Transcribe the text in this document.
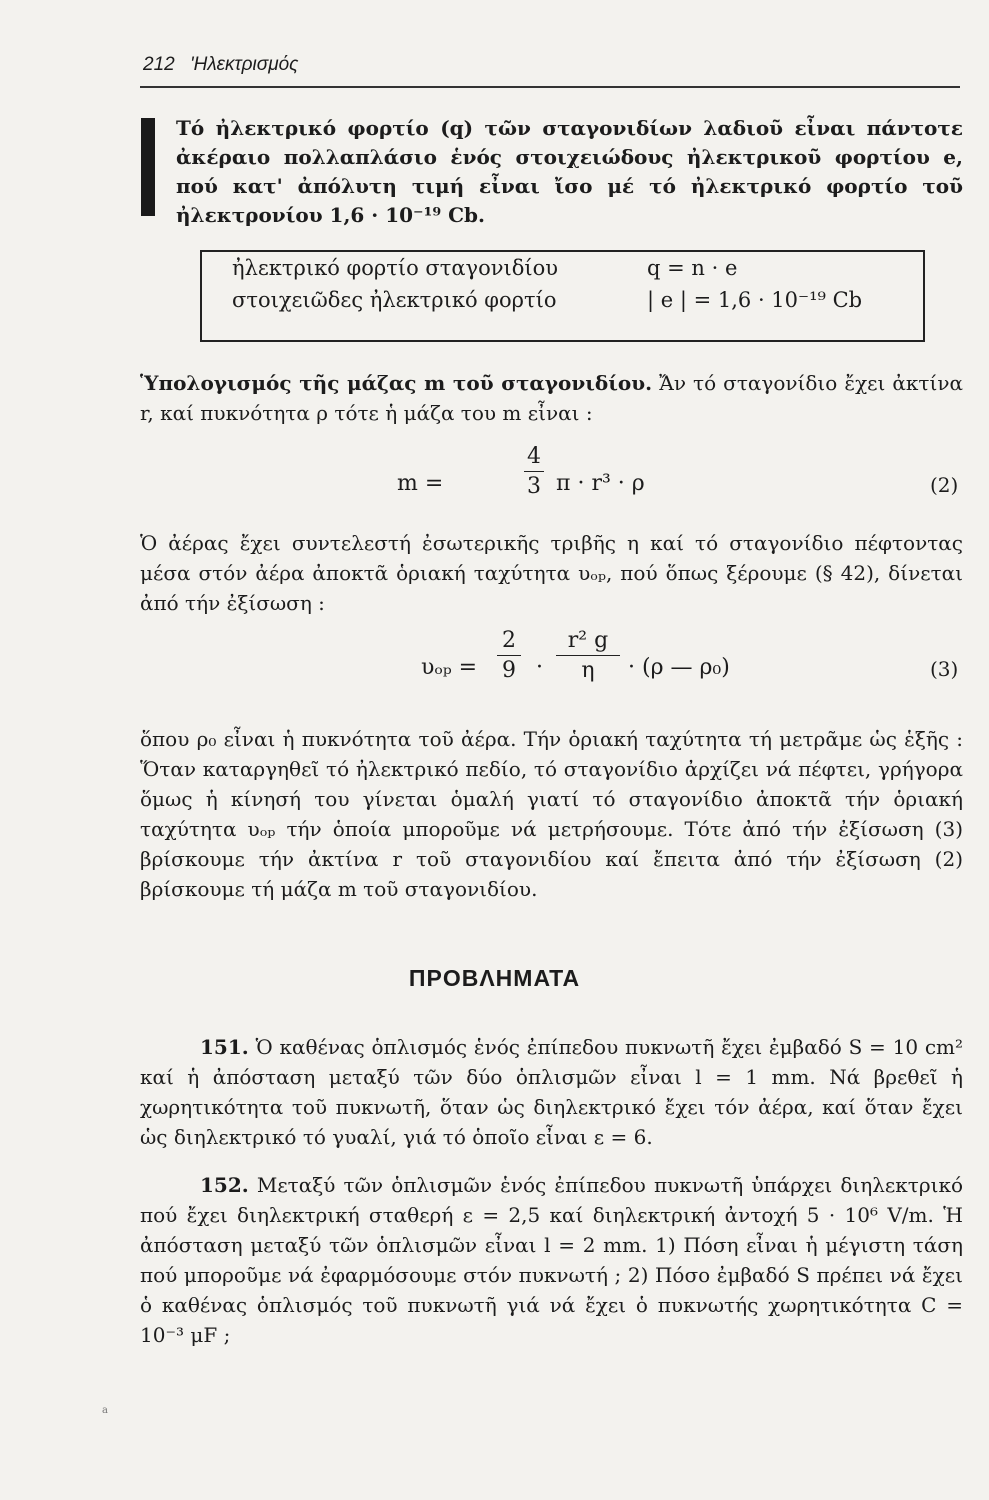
212 'Ηλεκτρισμός

Τό ἠλεκτρικό φορτίο (q) τῶν σταγονιδίων λαδιοῦ εἶναι πάντοτε ἀκέραιο πολλαπλάσιο ἑνός στοιχειώδους ἠλεκτρικοῦ φορτίου e, πού κατ' ἀπόλυτη τιμή εἶναι ἴσο μέ τό ἠλεκτρικό φορτίο τοῦ ἠλεκτρονίου 1,6 · 10⁻¹⁹ Cb.

ἠλεκτρικό φορτίο σταγονιδίου	q = n · e
στοιχειῶδες ἠλεκτρικό φορτίο	| e | = 1,6 · 10⁻¹⁹ Cb

Ὑπολογισμός τῆς μάζας m τοῦ σταγονιδίου. Ἄν τό σταγονίδιο ἔχει ἀκτίνα r, καί πυκνότητα ρ τότε ἡ μάζα του m εἶναι :

m =
4
3 π · r³ · ρ	(2)

Ὁ ἀέρας ἔχει συντελεστή ἐσωτερικῆς τριβῆς η καί τό σταγονίδιο πέφτοντας μέσα στόν ἀέρα ἀποκτᾶ ὁριακή ταχύτητα υₒₚ, πού ὅπως ξέρουμε (§ 42), δίνεται ἀπό τήν ἐξίσωση :

υₒₚ =
2
9 ·
r² g
η	· (ρ — ρ₀)	(3)

ὅπου ρ₀ εἶναι ἡ πυκνότητα τοῦ ἀέρα. Τήν ὁριακή ταχύτητα τή μετρᾶμε ὡς ἑξῆς : Ὅταν καταργηθεῖ τό ἠλεκτρικό πεδίο, τό σταγονίδιο ἀρχίζει νά πέφτει, γρήγορα ὅμως ἡ κίνησή του γίνεται ὁμαλή γιατί τό σταγονίδιο ἀποκτᾶ τήν ὁριακή ταχύτητα υₒₚ τήν ὁποία μποροῦμε νά μετρήσουμε. Τότε ἀπό τήν ἐξίσωση (3) βρίσκουμε τήν ἀκτίνα r τοῦ σταγονιδίου καί ἔπειτα ἀπό τήν ἐξίσωση (2) βρίσκουμε τή μάζα m τοῦ σταγονιδίου.

ΠΡΟΒΛΗΜΑΤΑ

151. Ὁ καθένας ὁπλισμός ἑνός ἐπίπεδου πυκνωτῆ ἔχει ἐμβαδό S = 10 cm² καί ἡ ἀπόσταση μεταξύ τῶν δύο ὁπλισμῶν εἶναι l = 1 mm. Νά βρεθεῖ ἡ χωρητικότητα τοῦ πυκνωτῆ, ὅταν ὡς διηλεκτρικό ἔχει τόν ἀέρα, καί ὅταν ἔχει ὡς διηλεκτρικό τό γυαλί, γιά τό ὁποῖο εἶναι ε = 6.

152. Μεταξύ τῶν ὁπλισμῶν ἑνός ἐπίπεδου πυκνωτῆ ὑπάρχει διηλεκτρικό πού ἔχει διηλεκτρική σταθερή ε = 2,5 καί διηλεκτρική ἀντοχή 5 · 10⁶ V/m. Ἡ ἀπόσταση μεταξύ τῶν ὁπλισμῶν εἶναι l = 2 mm. 1) Πόση εἶναι ἡ μέγιστη τάση πού μποροῦμε νά ἐφαρμόσουμε στόν πυκνωτή ; 2) Πόσο ἐμβαδό S πρέπει νά ἔχει ὁ καθένας ὁπλισμός τοῦ πυκνωτῆ γιά νά ἔχει ὁ πυκνωτής χωρητικότητα C = 10⁻³ μF ;

a
